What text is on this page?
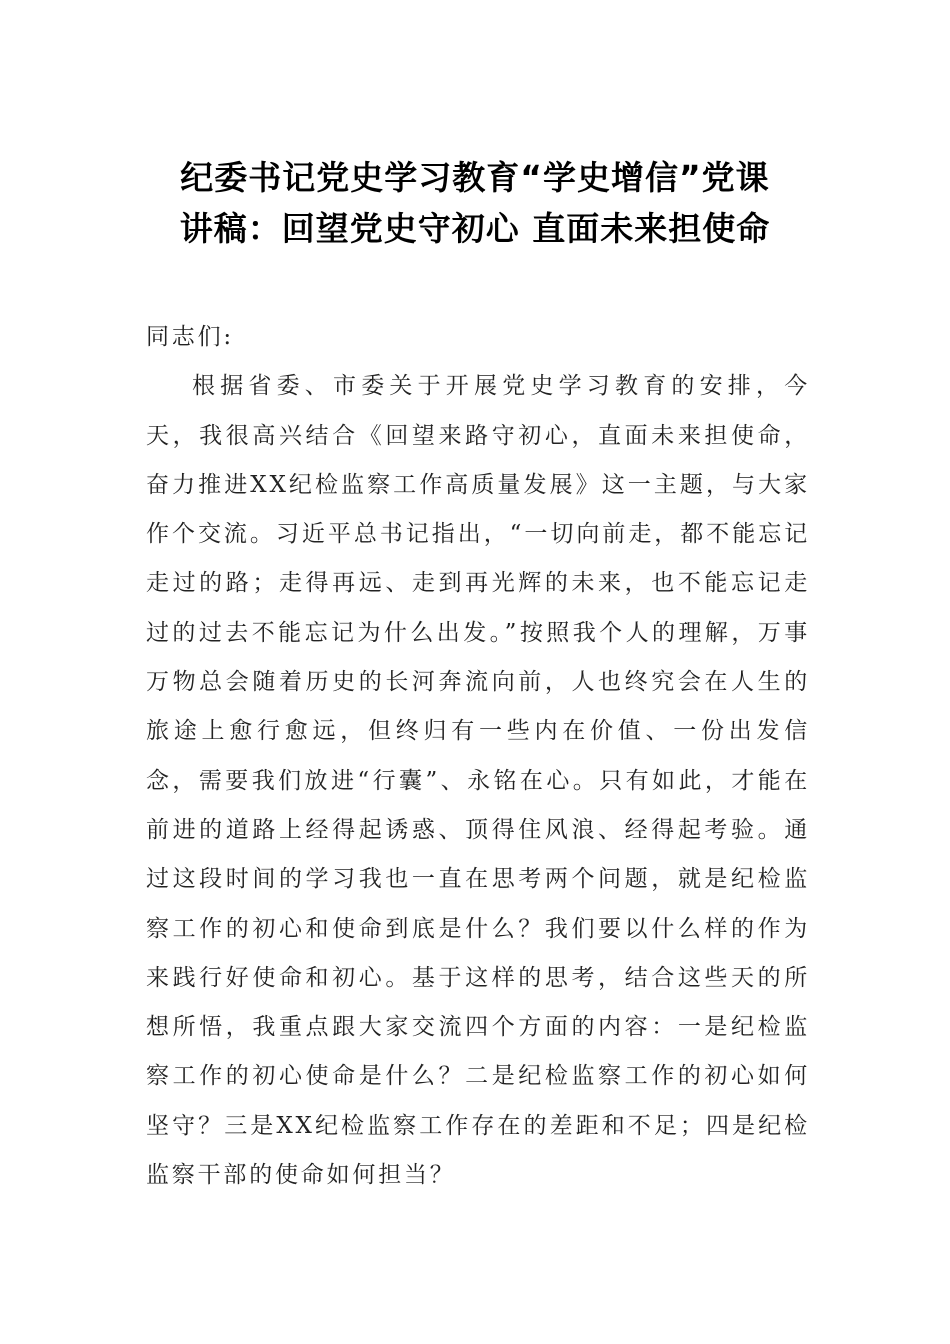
纪委书记党史学习教育“学史增信”党课
讲稿：回望党史守初心 直面未来担使命

同志们:

根据省委、市委关于开展党史学习教育的安排，今天，我很高兴结合《回望来路守初心，直面未来担使命，奋力推进XX纪检监察工作高质量发展》这一主题，与大家作个交流。习近平总书记指出，“一切向前走，都不能忘记走过的路；走得再远、走到再光辉的未来，也不能忘记走过的过去不能忘记为什么出发。”按照我个人的理解，万事万物总会随着历史的长河奔流向前，人也终究会在人生的旅途上愈行愈远，但终归有一些内在价值、一份出发信念，需要我们放进“行囊”、永铭在心。只有如此，才能在前进的道路上经得起诱惑、顶得住风浪、经得起考验。通过这段时间的学习我也一直在思考两个问题，就是纪检监察工作的初心和使命到底是什么？我们要以什么样的作为来践行好使命和初心。基于这样的思考，结合这些天的所想所悟，我重点跟大家交流四个方面的内容：一是纪检监察工作的初心使命是什么？二是纪检监察工作的初心如何坚守？三是XX纪检监察工作存在的差距和不足；四是纪检监察干部的使命如何担当？
